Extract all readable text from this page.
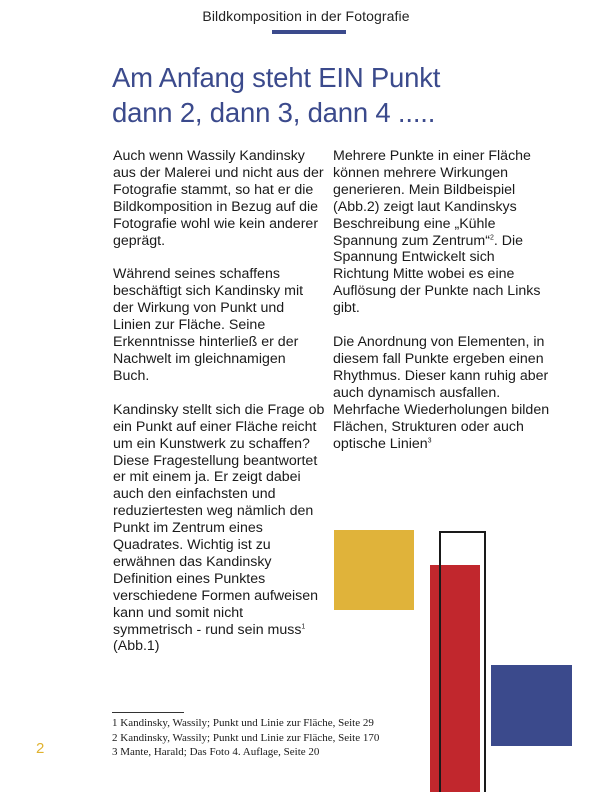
Bildkomposition in der Fotografie
Am Anfang steht EIN Punkt
dann 2, dann 3, dann 4 .....

Auch wenn Wassily Kandinsky aus der Malerei und nicht aus der Fotografie stammt, so hat er die Bildkomposition in Bezug auf die Fotografie wohl wie kein anderer geprägt.

Während seines schaffens beschäftigt sich Kandinsky mit der Wirkung von Punkt und Linien zur Fläche. Seine Erkenntnisse hinterließ er der Nachwelt im gleichnamigen Buch.

Kandinsky stellt sich die Frage ob ein Punkt auf einer Fläche reicht um ein Kunstwerk zu schaffen? Diese Fragestellung beantwortet er mit einem ja. Er zeigt dabei auch den einfachsten und reduziertesten weg nämlich den Punkt im Zentrum eines Quadrates. Wichtig ist zu erwähnen das Kandinsky Definition eines Punktes verschiedene Formen aufweisen kann und somit nicht symmetrisch - rund sein muss$^1$
(Abb.1)

Mehrere Punkte in einer Fläche können mehrere Wirkungen generieren. Mein Bildbeispiel (Abb.2) zeigt laut Kandinskys Beschreibung eine „Kühle Spannung zum Zentrum“$^2$. Die Spannung Entwickelt sich Richtung Mitte wobei es eine Auflösung der Punkte nach Links gibt.

Die Anordnung von Elementen, in diesem fall Punkte ergeben einen Rhythmus. Dieser kann ruhig aber auch dynamisch ausfallen. Mehrfache Wiederholungen bilden Flächen, Strukturen oder auch optische Linien$^3$

1 Kandinsky, Wassily; Punkt und Linie zur Fläche, Seite 29
2 Kandinsky, Wassily; Punkt und Linie zur Fläche, Seite 170
3 Mante, Harald; Das Foto 4. Auflage, Seite 20
2
